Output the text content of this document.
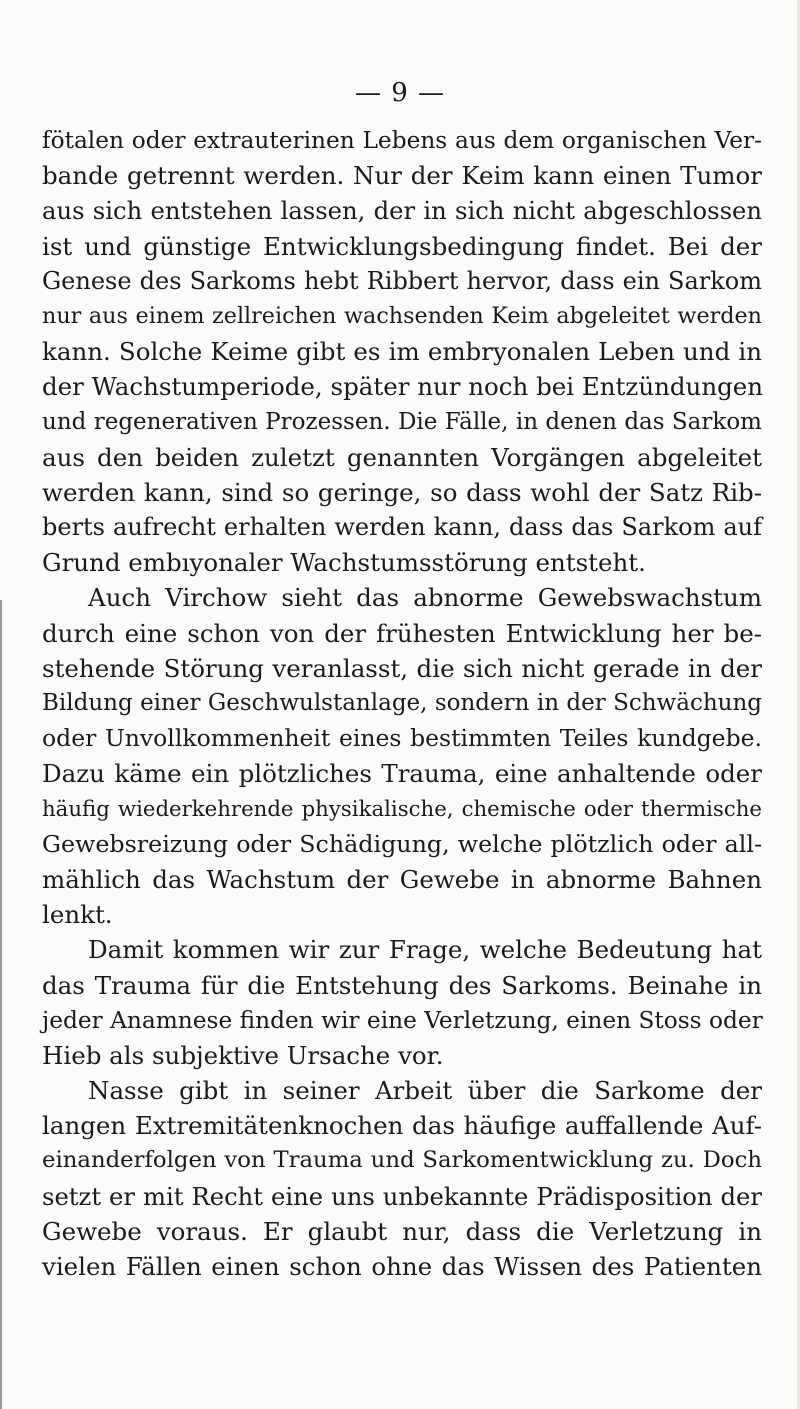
— 9 —
fötalen oder extrauterinen Lebens aus dem organischen Ver-
bande getrennt werden. Nur der Keim kann einen Tumor
aus sich entstehen lassen, der in sich nicht abgeschlossen
ist und günstige Entwicklungsbedingung findet. Bei der
Genese des Sarkoms hebt Ribbert hervor, dass ein Sarkom
nur aus einem zellreichen wachsenden Keim abgeleitet werden
kann. Solche Keime gibt es im embryonalen Leben und in
der Wachstumperiode, später nur noch bei Entzündungen
und regenerativen Prozessen. Die Fälle, in denen das Sarkom
aus den beiden zuletzt genannten Vorgängen abgeleitet
werden kann, sind so geringe, so dass wohl der Satz Rib-
berts aufrecht erhalten werden kann, dass das Sarkom auf
Grund embıyonaler Wachstumsstörung entsteht.
Auch Virchow sieht das abnorme Gewebswachstum
durch eine schon von der frühesten Entwicklung her be-
stehende Störung veranlasst, die sich nicht gerade in der
Bildung einer Geschwulstanlage, sondern in der Schwächung
oder Unvollkommenheit eines bestimmten Teiles kundgebe.
Dazu käme ein plötzliches Trauma, eine anhaltende oder
häufig wiederkehrende physikalische, chemische oder thermische
Gewebsreizung oder Schädigung, welche plötzlich oder all-
mählich das Wachstum der Gewebe in abnorme Bahnen
lenkt.
Damit kommen wir zur Frage, welche Bedeutung hat
das Trauma für die Entstehung des Sarkoms. Beinahe in
jeder Anamnese finden wir eine Verletzung, einen Stoss oder
Hieb als subjektive Ursache vor.
Nasse gibt in seiner Arbeit über die Sarkome der
langen Extremitätenknochen das häufige auffallende Auf-
einanderfolgen von Trauma und Sarkomentwicklung zu. Doch
setzt er mit Recht eine uns unbekannte Prädisposition der
Gewebe voraus. Er glaubt nur, dass die Verletzung in
vielen Fällen einen schon ohne das Wissen des Patienten
